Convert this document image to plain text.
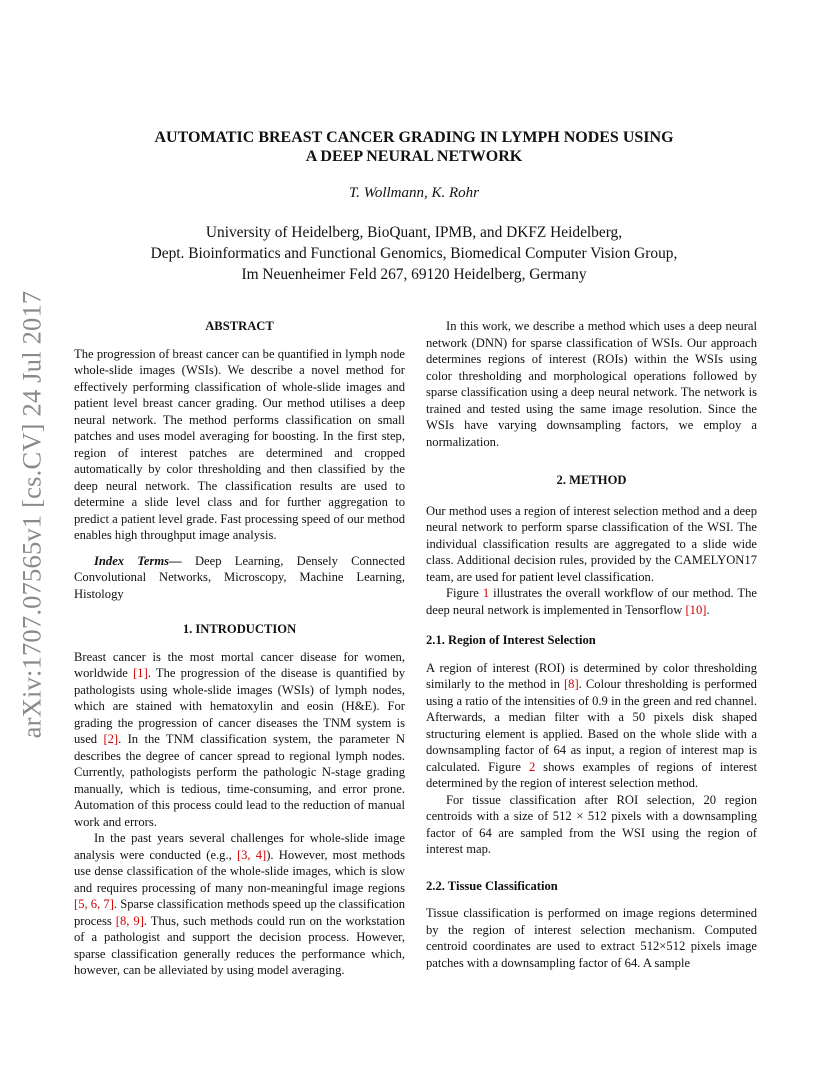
arXiv:1707.07565v1 [cs.CV] 24 Jul 2017
AUTOMATIC BREAST CANCER GRADING IN LYMPH NODES USING
A DEEP NEURAL NETWORK
T. Wollmann, K. Rohr
University of Heidelberg, BioQuant, IPMB, and DKFZ Heidelberg,
Dept. Bioinformatics and Functional Genomics, Biomedical Computer Vision Group,
Im Neuenheimer Feld 267, 69120 Heidelberg, Germany
ABSTRACT

The progression of breast cancer can be quantified in lymph node whole-slide images (WSIs). We describe a novel method for effectively performing classification of whole-slide images and patient level breast cancer grading. Our method utilises a deep neural network. The method performs classification on small patches and uses model averaging for boosting. In the first step, region of interest patches are determined and cropped automatically by color thresholding and then classified by the deep neural network. The classification results are used to determine a slide level class and for further aggregation to predict a patient level grade. Fast processing speed of our method enables high throughput image analysis.

Index Terms— Deep Learning, Densely Connected Convolutional Networks, Microscopy, Machine Learning, Histology

1. INTRODUCTION

Breast cancer is the most mortal cancer disease for women, worldwide [1]. The progression of the disease is quantified by pathologists using whole-slide images (WSIs) of lymph nodes, which are stained with hematoxylin and eosin (H&E). For grading the progression of cancer diseases the TNM system is used [2]. In the TNM classification system, the parameter N describes the degree of cancer spread to regional lymph nodes. Currently, pathologists perform the pathologic N-stage grading manually, which is tedious, time-consuming, and error prone. Automation of this process could lead to the reduction of manual work and errors.

In the past years several challenges for whole-slide image analysis were conducted (e.g., [3, 4]). However, most methods use dense classification of the whole-slide images, which is slow and requires processing of many non-meaningful image regions [5, 6, 7]. Sparse classification methods speed up the classification process [8, 9]. Thus, such methods could run on the workstation of a pathologist and support the decision process. However, sparse classification generally reduces the performance which, however, can be alleviated by using model averaging.

In this work, we describe a method which uses a deep neural network (DNN) for sparse classification of WSIs. Our approach determines regions of interest (ROIs) within the WSIs using color thresholding and morphological operations followed by sparse classification using a deep neural network. The network is trained and tested using the same image resolution. Since the WSIs have varying downsampling factors, we employ a normalization.

2. METHOD

Our method uses a region of interest selection method and a deep neural network to perform sparse classification of the WSI. The individual classification results are aggregated to a slide wide class. Additional decision rules, provided by the CAMELYON17 team, are used for patient level classification.

Figure 1 illustrates the overall workflow of our method. The deep neural network is implemented in Tensorflow [10].

2.1. Region of Interest Selection

A region of interest (ROI) is determined by color thresholding similarly to the method in [8]. Colour thresholding is performed using a ratio of the intensities of 0.9 in the green and red channel. Afterwards, a median filter with a 50 pixels disk shaped structuring element is applied. Based on the whole slide with a downsampling factor of 64 as input, a region of interest map is calculated. Figure 2 shows examples of regions of interest determined by the region of interest selection method.

For tissue classification after ROI selection, 20 region centroids with a size of 512 × 512 pixels with a downsampling factor of 64 are sampled from the WSI using the region of interest map.

2.2. Tissue Classification

Tissue classification is performed on image regions determined by the region of interest selection mechanism. Computed centroid coordinates are used to extract 512×512 pixels image patches with a downsampling factor of 64. A sample
